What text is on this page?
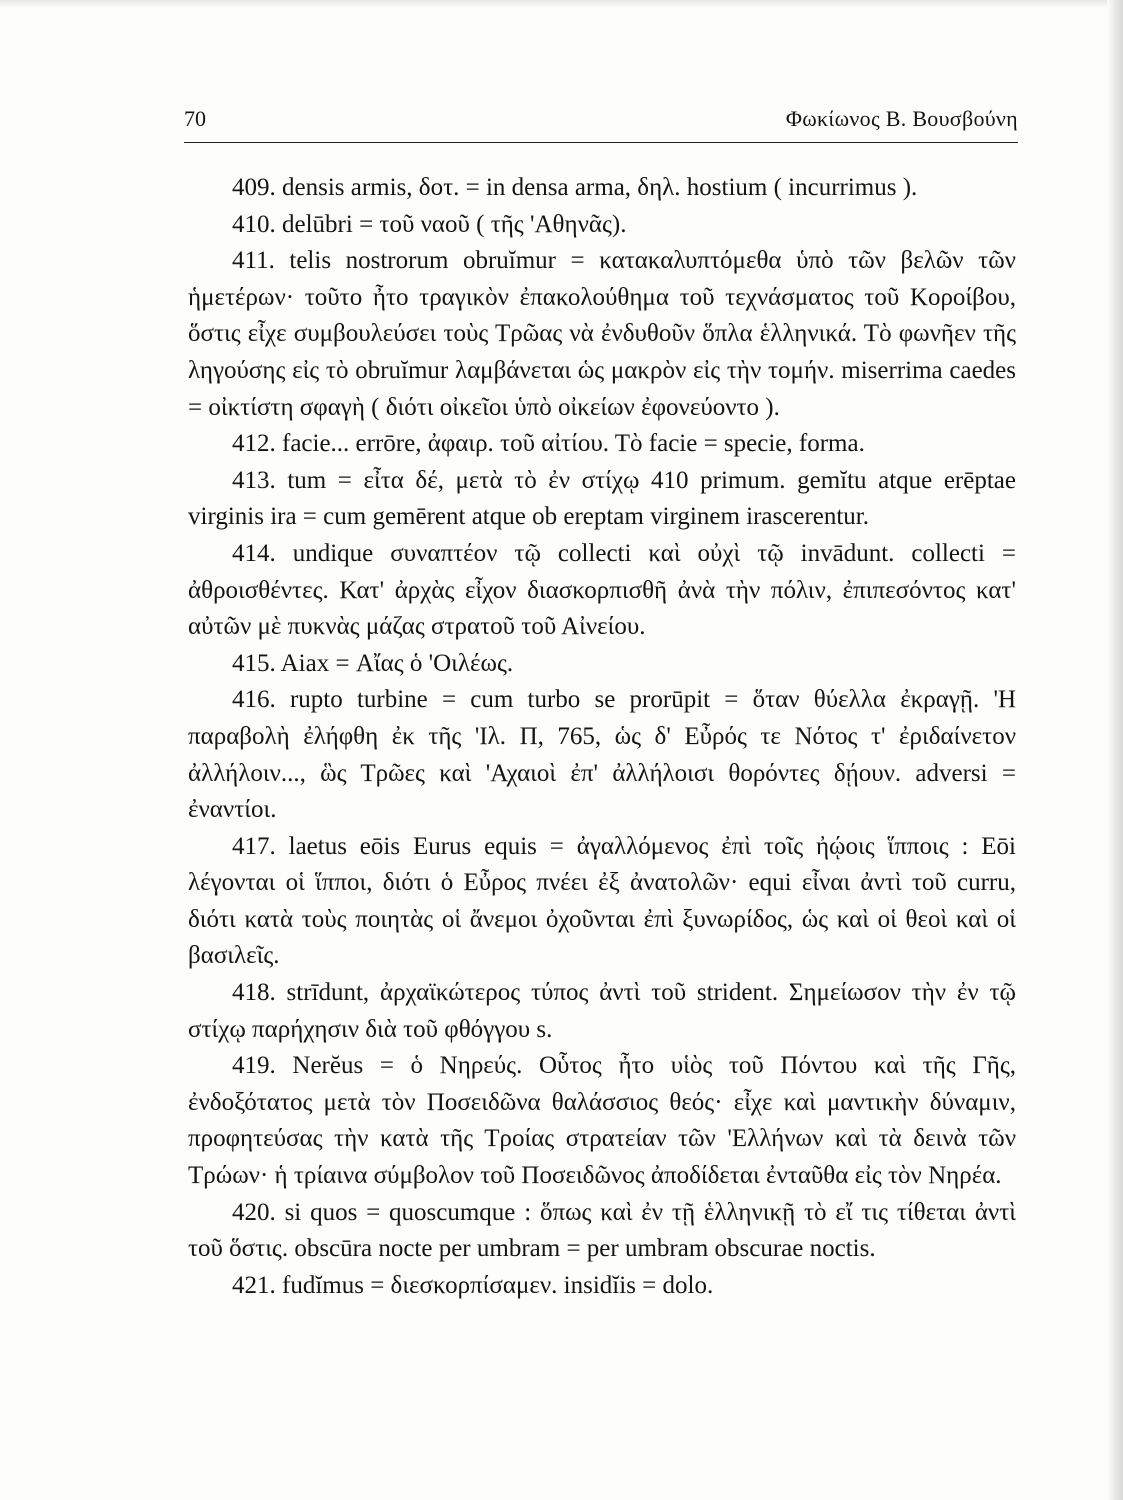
70	Φωκίωνος Β. Βουσβούνη

409. densis armis, δοτ. = in densa arma, δηλ. hostium ( incurrimus ).

410. delūbri = τοῦ ναοῦ ( τῆς 'Αθηνᾶς).

411. telis nostrorum obruĭmur = κατακαλυπτόμεθα ὑπὸ τῶν βελῶν τῶν ἡμετέρων· τοῦτο ἦτο τραγικὸν ἐπακολούθημα τοῦ τεχνάσματος τοῦ Κοροίβου, ὅστις εἶχε συμβουλεύσει τοὺς Τρῶας νὰ ἐνδυθοῦν ὅπλα ἑλληνικά. Τὸ φωνῆεν τῆς ληγούσης εἰς τὸ obruĭmur λαμβάνεται ὡς μακρὸν εἰς τὴν τομήν. miserrima caedes = οἰκτίστη σφαγὴ ( διότι οἰκεῖοι ὑπὸ οἰκείων ἐφονεύοντο ).

412. facie... errōre, ἀφαιρ. τοῦ αἰτίου. Τὸ facie = specie, forma.

413. tum = εἶτα δέ, μετὰ τὸ ἐν στίχῳ 410 primum. gemĭtu atque erēptae virginis ira = cum gemērent atque ob ereptam virginem irascerentur.

414. undique συναπτέον τῷ collecti καὶ οὐχὶ τῷ invādunt. collecti = ἀθροισθέντες. Κατ' ἀρχὰς εἶχον διασκορπισθῆ ἀνὰ τὴν πόλιν, ἐπιπεσόντος κατ' αὐτῶν μὲ πυκνὰς μάζας στρατοῦ τοῦ Αἰνείου.

415. Aiax = Αἴας ὁ 'Οιλέως.

416. rupto turbine = cum turbo se prorūpit = ὅταν θύελλα ἐκραγῇ. 'Η παραβολὴ ἐλήφθη ἐκ τῆς 'Ιλ. Π, 765, ὡς δ' Εὖρός τε Νότος τ' ἐριδαίνετον ἀλλήλοιν..., ὣς Τρῶες καὶ 'Αχαιοὶ ἐπ' ἀλλήλοισι θορόντες δῄουν. adversi = ἐναντίοι.

417. laetus eōis Eurus equis = ἀγαλλόμενος ἐπὶ τοῖς ἠῴοις ἵπποις : Eōi λέγονται οἱ ἵπποι, διότι ὁ Εὖρος πνέει ἐξ ἀνατολῶν· equi εἶναι ἀντὶ τοῦ curru, διότι κατὰ τοὺς ποιητὰς οἱ ἄνεμοι ὀχοῦνται ἐπὶ ξυνωρίδος, ὡς καὶ οἱ θεοὶ καὶ οἱ βασιλεῖς.

418. strīdunt, ἀρχαϊκώτερος τύπος ἀντὶ τοῦ strident. Σημείωσον τὴν ἐν τῷ στίχῳ παρήχησιν διὰ τοῦ φθόγγου s.

419. Nerĕus = ὁ Νηρεύς. Οὗτος ἦτο υἱὸς τοῦ Πόντου καὶ τῆς Γῆς, ἐνδοξότατος μετὰ τὸν Ποσειδῶνα θαλάσσιος θεός· εἶχε καὶ μαντικὴν δύναμιν, προφητεύσας τὴν κατὰ τῆς Τροίας στρατείαν τῶν 'Ελλήνων καὶ τὰ δεινὰ τῶν Τρώων· ἡ τρίαινα σύμβολον τοῦ Ποσειδῶνος ἀποδίδεται ἐνταῦθα εἰς τὸν Νηρέα.

420. si quos = quoscumque : ὅπως καὶ ἐν τῇ ἑλληνικῇ τὸ εἴ τις τίθεται ἀντὶ τοῦ ὅστις. obscūra nocte per umbram = per umbram obscurae noctis.

421. fudĭmus = διεσκορπίσαμεν. insidĭis = dolo.
